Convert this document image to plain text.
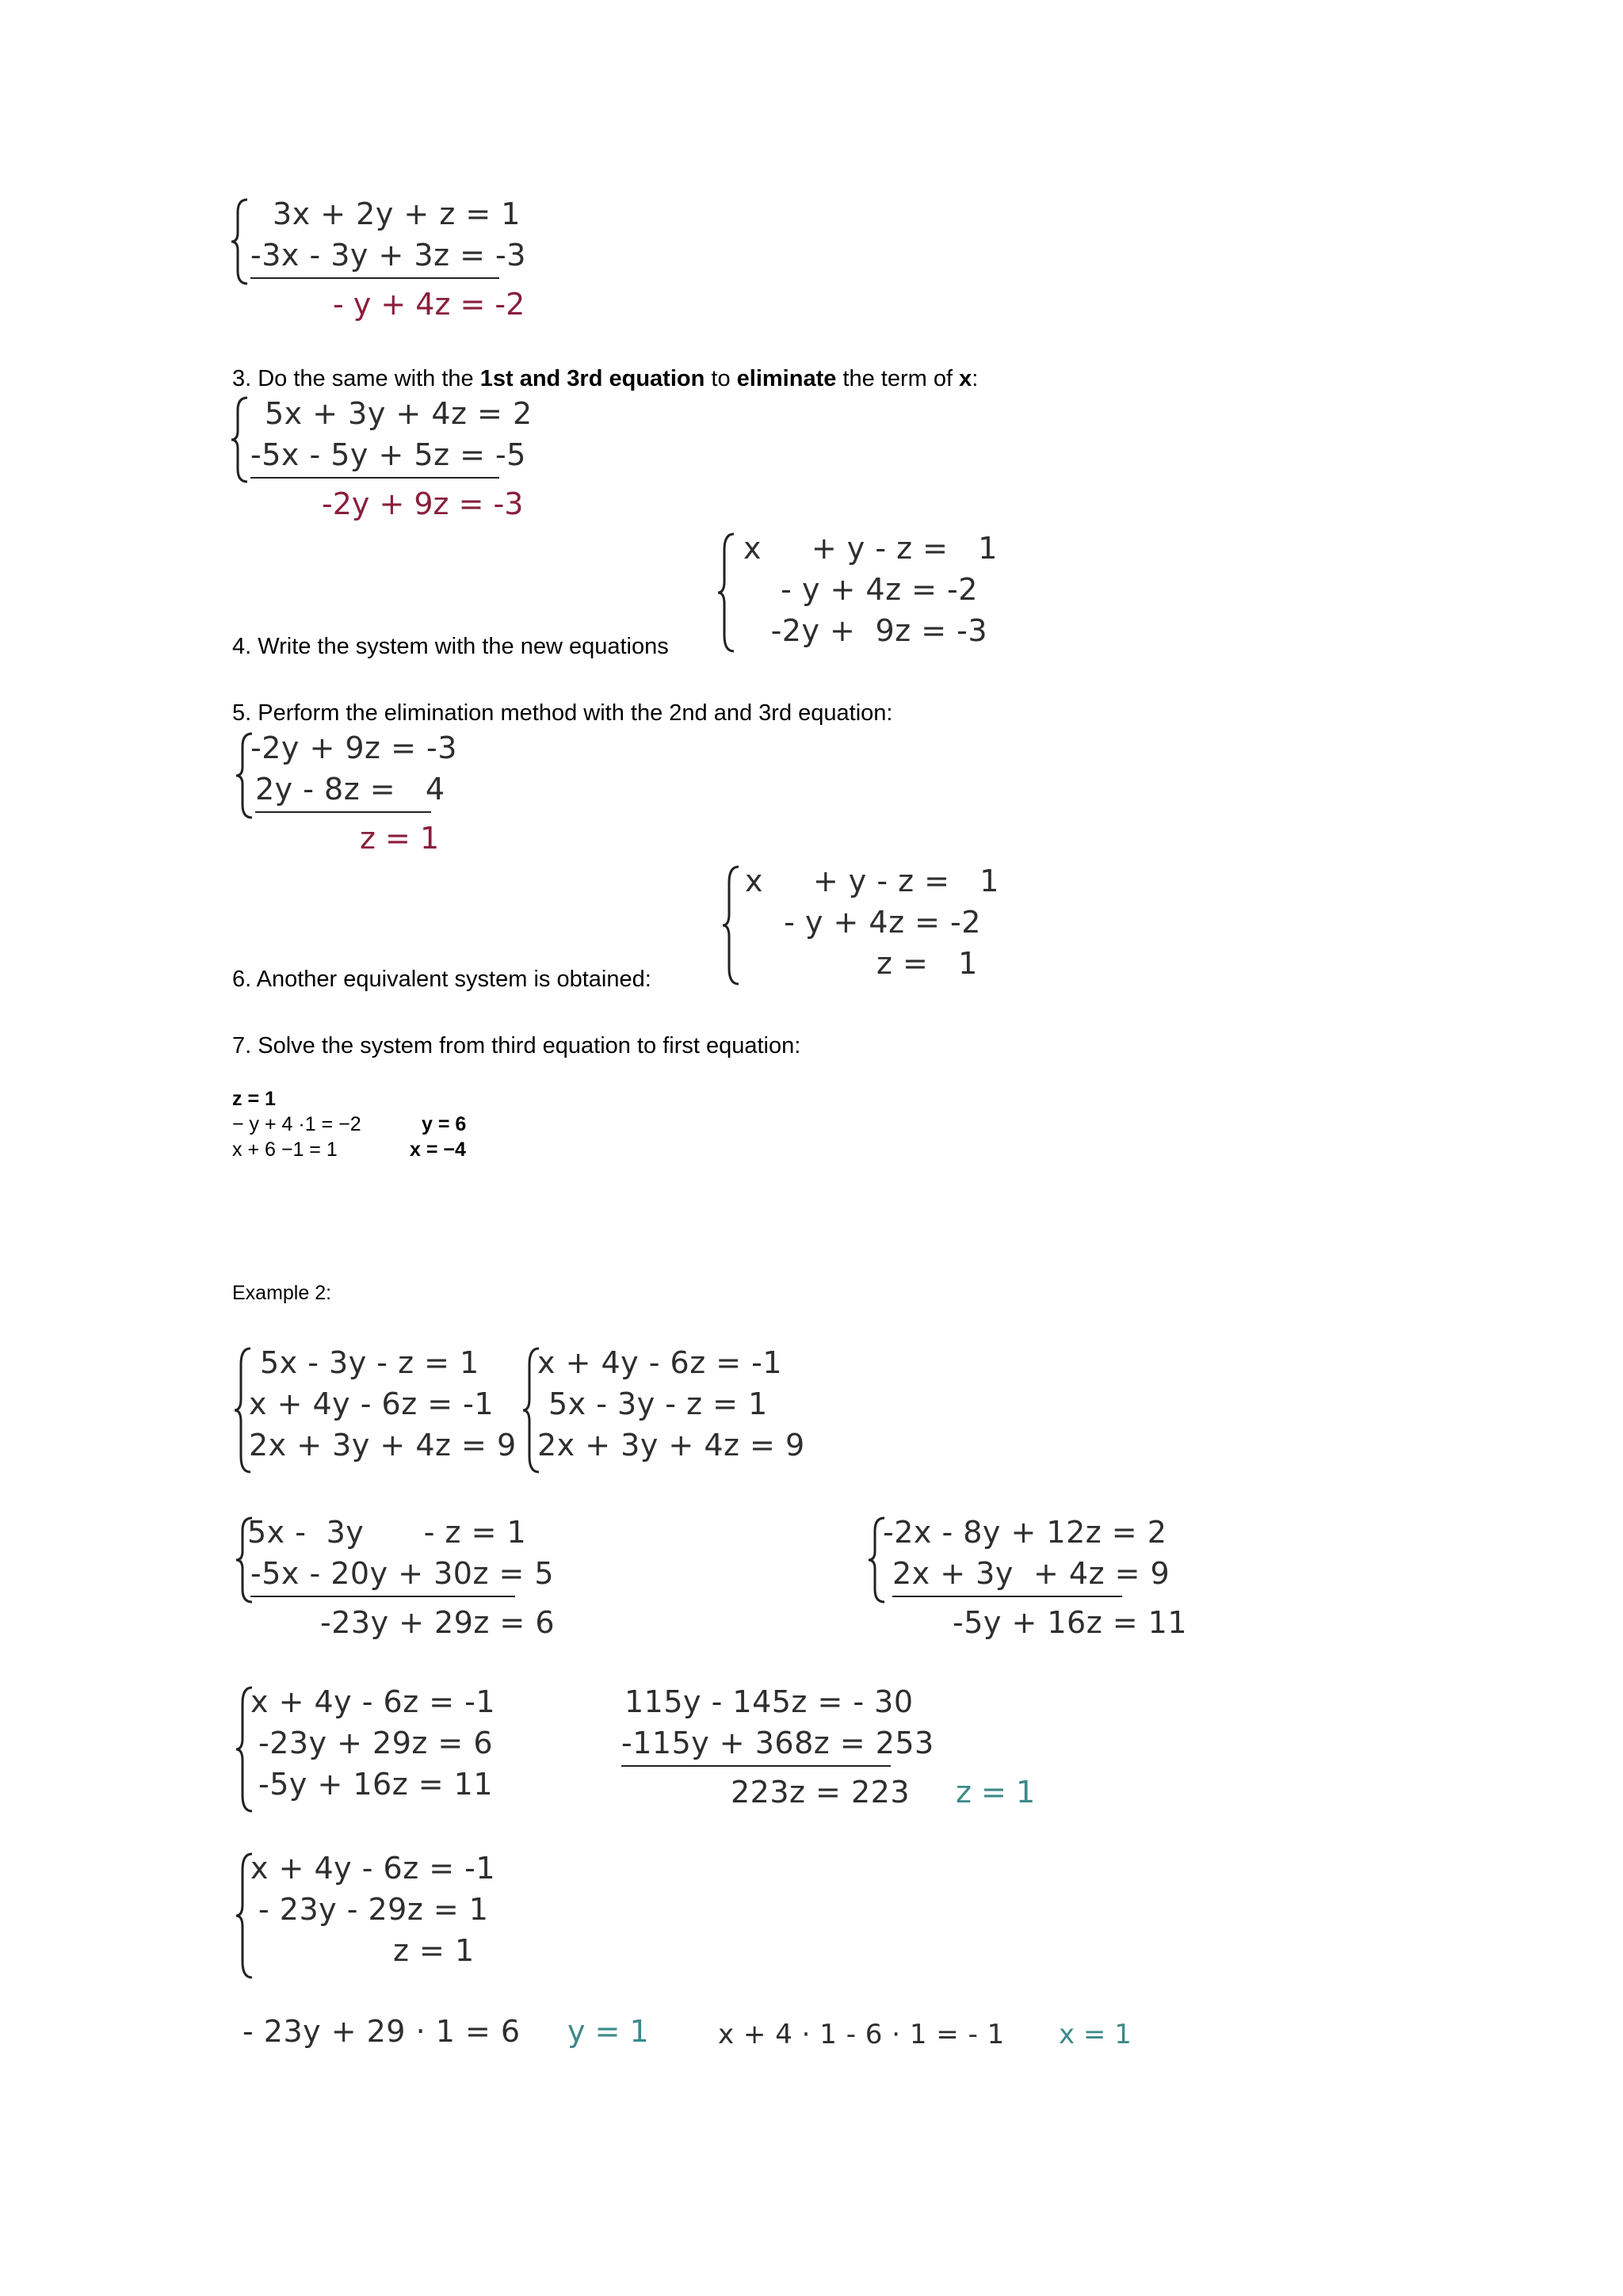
3x + 2y + z = 1
-3x - 3y + 3z = -3
- y + 4z = -2
3. Do the same with the 1st and 3rd equation to eliminate the term of x:
5x + 3y + 4z = 2
-5x - 5y + 5z = -5
-2y + 9z = -3
x     + y - z =   1
- y + 4z = -2
-2y +  9z = -3
4. Write the system with the new equations
5. Perform the elimination method with the 2nd and 3rd equation:
-2y + 9z = -3
2y - 8z =   4
z = 1
x     + y - z =   1
- y + 4z = -2
z =   1
6. Another equivalent system is obtained:
7. Solve the system from third equation to first equation:
z = 1
− y + 4 ·1 = −2	y = 6
x + 6 −1 = 1	x = −4
Example 2:
5x - 3y - z = 1
x + 4y - 6z = -1
2x + 3y + 4z = 9
x + 4y - 6z = -1
5x - 3y - z = 1
2x + 3y + 4z = 9
5x -  3y      - z = 1
-5x - 20y + 30z = 5
-23y + 29z = 6
-2x - 8y + 12z = 2
2x + 3y  + 4z = 9
-5y + 16z = 11
x + 4y - 6z = -1
-23y + 29z = 6
-5y + 16z = 11
115y - 145z = - 30
-115y + 368z = 253
223z = 223 z = 1
x + 4y - 6z = -1
- 23y - 29z = 1
z = 1
- 23y + 29 · 1 = 6 y = 1	x + 4 · 1 - 6 · 1 = - 1 x = 1
